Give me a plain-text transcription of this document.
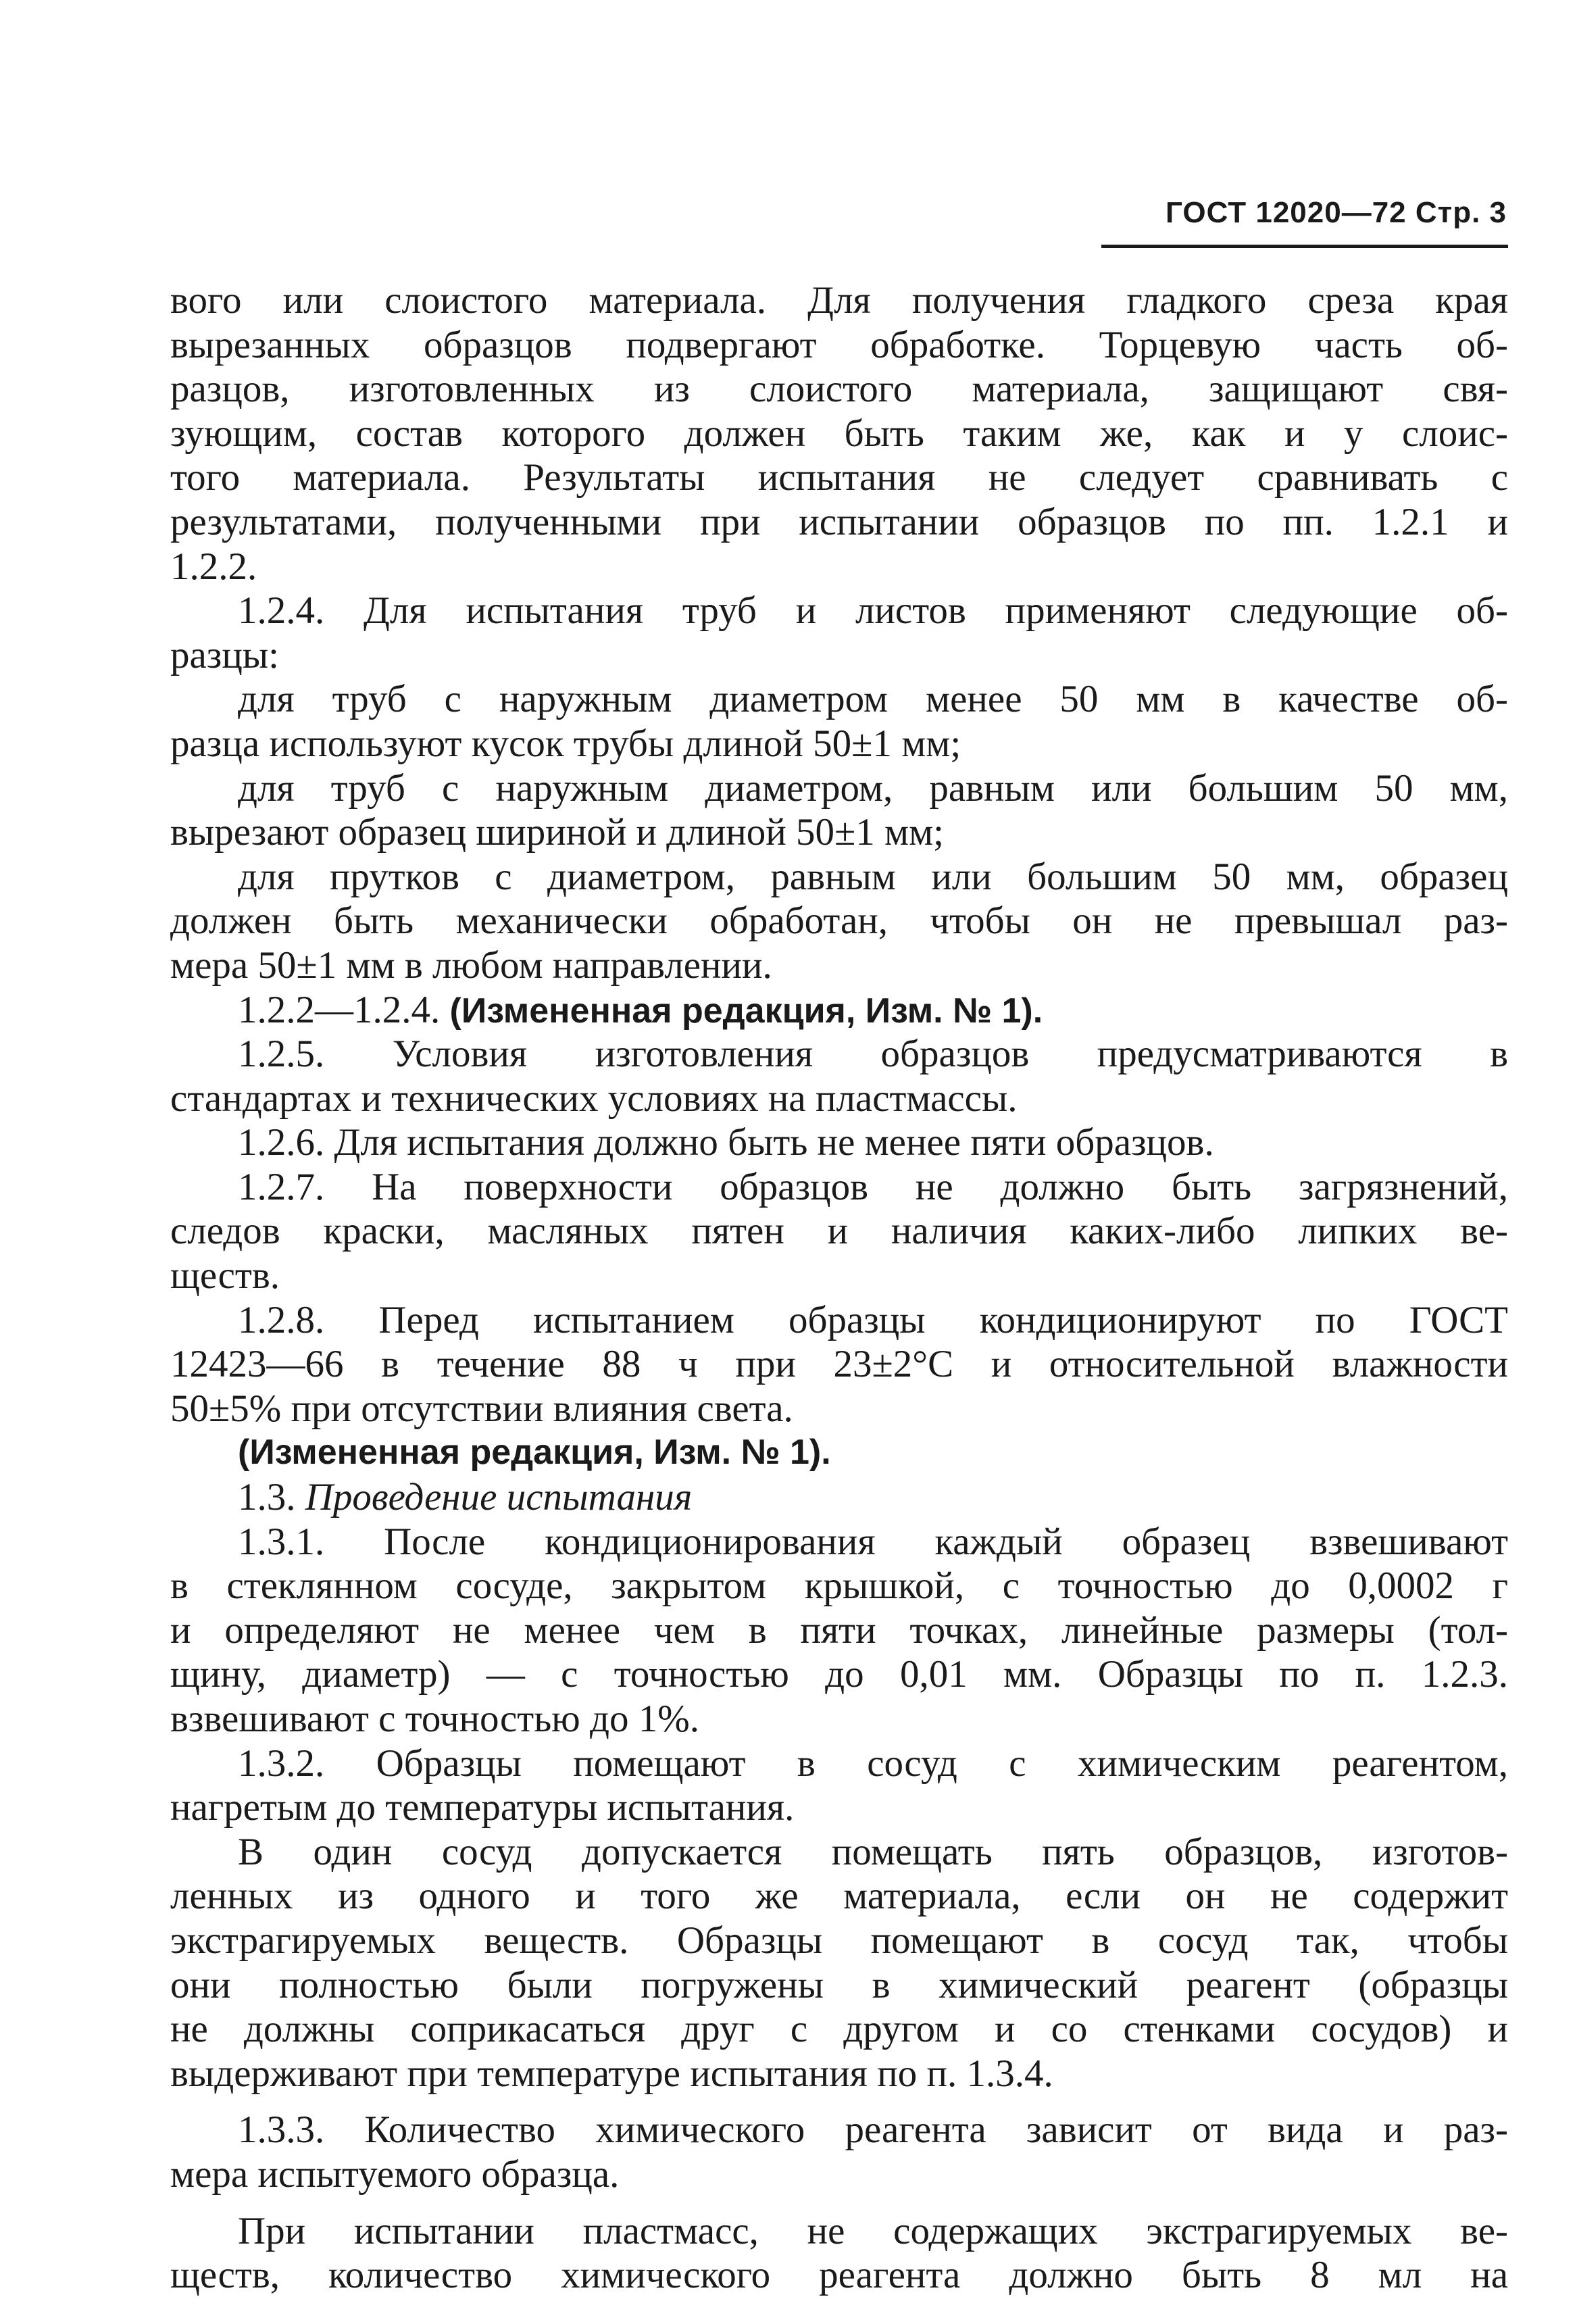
ГОСТ 12020—72 Стр. 3
вого или слоистого материала. Для получения гладкого среза края
вырезанных образцов подвергают обработке. Торцевую часть об-
разцов, изготовленных из слоистого материала, защищают свя-
зующим, состав которого должен быть таким же, как и у слоис-
того материала. Результаты испытания не следует сравнивать с
результатами, полученными при испытании образцов по пп. 1.2.1 и
1.2.2.
1.2.4. Для испытания труб и листов применяют следующие об-
разцы:
для труб с наружным диаметром менее 50 мм в качестве об-
разца используют кусок трубы длиной 50±1 мм;
для труб с наружным диаметром, равным или большим 50 мм,
вырезают образец шириной и длиной 50±1 мм;
для прутков с диаметром, равным или большим 50 мм, образец
должен быть механически обработан, чтобы он не превышал раз-
мера 50±1 мм в любом направлении.
1.2.2—1.2.4. (Измененная редакция, Изм. № 1).
1.2.5. Условия изготовления образцов предусматриваются в
стандартах и технических условиях на пластмассы.
1.2.6. Для испытания должно быть не менее пяти образцов.
1.2.7. На поверхности образцов не должно быть загрязнений,
следов краски, масляных пятен и наличия каких-либо липких ве-
ществ.
1.2.8. Перед испытанием образцы кондиционируют по ГОСТ
12423—66 в течение 88 ч при 23±2°С и относительной влажности
50±5% при отсутствии влияния света.
(Измененная редакция, Изм. № 1).
1.3. Проведение испытания
1.3.1. После кондиционирования каждый образец взвешивают
в стеклянном сосуде, закрытом крышкой, с точностью до 0,0002 г
и определяют не менее чем в пяти точках, линейные размеры (тол-
щину, диаметр) — с точностью до 0,01 мм. Образцы по п. 1.2.3.
взвешивают с точностью до 1%.
1.3.2. Образцы помещают в сосуд с химическим реагентом,
нагретым до температуры испытания.
В один сосуд допускается помещать пять образцов, изготов-
ленных из одного и того же материала, если он не содержит
экстрагируемых веществ. Образцы помещают в сосуд так, чтобы
они полностью были погружены в химический реагент (образцы
не должны соприкасаться друг с другом и со стенками сосудов) и
выдерживают при температуре испытания по п. 1.3.4.
1.3.3. Количество химического реагента зависит от вида и раз-
мера испытуемого образца.
При испытании пластмасс, не содержащих экстрагируемых ве-
ществ, количество химического реагента должно быть 8 мл на
